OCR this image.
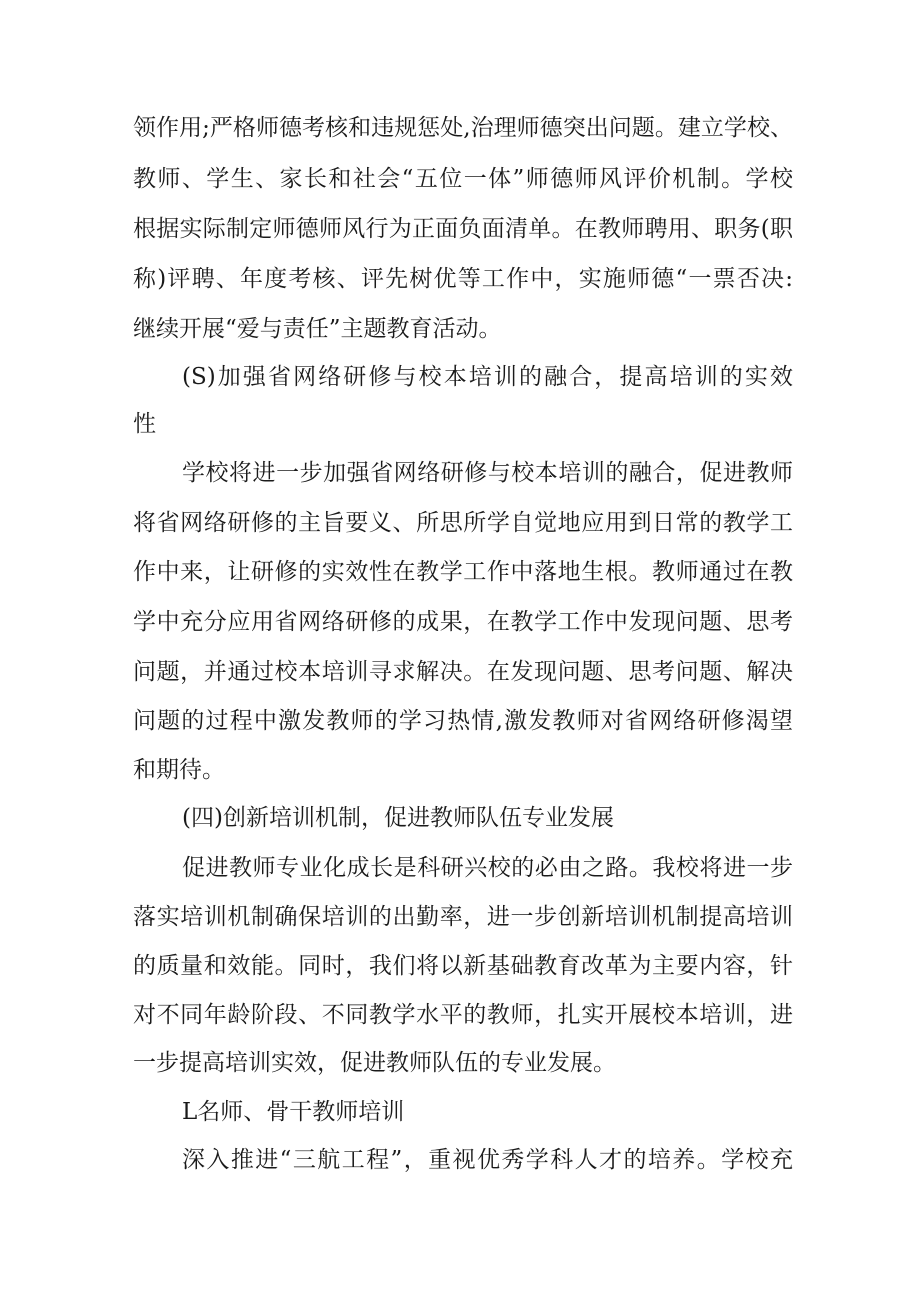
领作用;严格师德考核和违规惩处,治理师德突出问题。建立学校、
教师、学生、家长和社会“五位一体”师德师风评价机制。学校
根据实际制定师德师风行为正面负面清单。在教师聘用、职务(职
称)评聘、年度考核、评先树优等工作中，实施师德“一票否决:
继续开展“爱与责任”主题教育活动。
(S)加强省网络研修与校本培训的融合，提高培训的实效
性
学校将进一步加强省网络研修与校本培训的融合，促进教师
将省网络研修的主旨要义、所思所学自觉地应用到日常的教学工
作中来，让研修的实效性在教学工作中落地生根。教师通过在教
学中充分应用省网络研修的成果，在教学工作中发现问题、思考
问题，并通过校本培训寻求解决。在发现问题、思考问题、解决
问题的过程中激发教师的学习热情,激发教师对省网络研修渴望
和期待。
(四)创新培训机制，促进教师队伍专业发展
促进教师专业化成长是科研兴校的必由之路。我校将进一步
落实培训机制确保培训的出勤率，进一步创新培训机制提高培训
的质量和效能。同时，我们将以新基础教育改革为主要内容，针
对不同年龄阶段、不同教学水平的教师，扎实开展校本培训，进
一步提高培训实效，促进教师队伍的专业发展。
L名师、骨干教师培训
深入推进“三航工程”，重视优秀学科人才的培养。学校充
